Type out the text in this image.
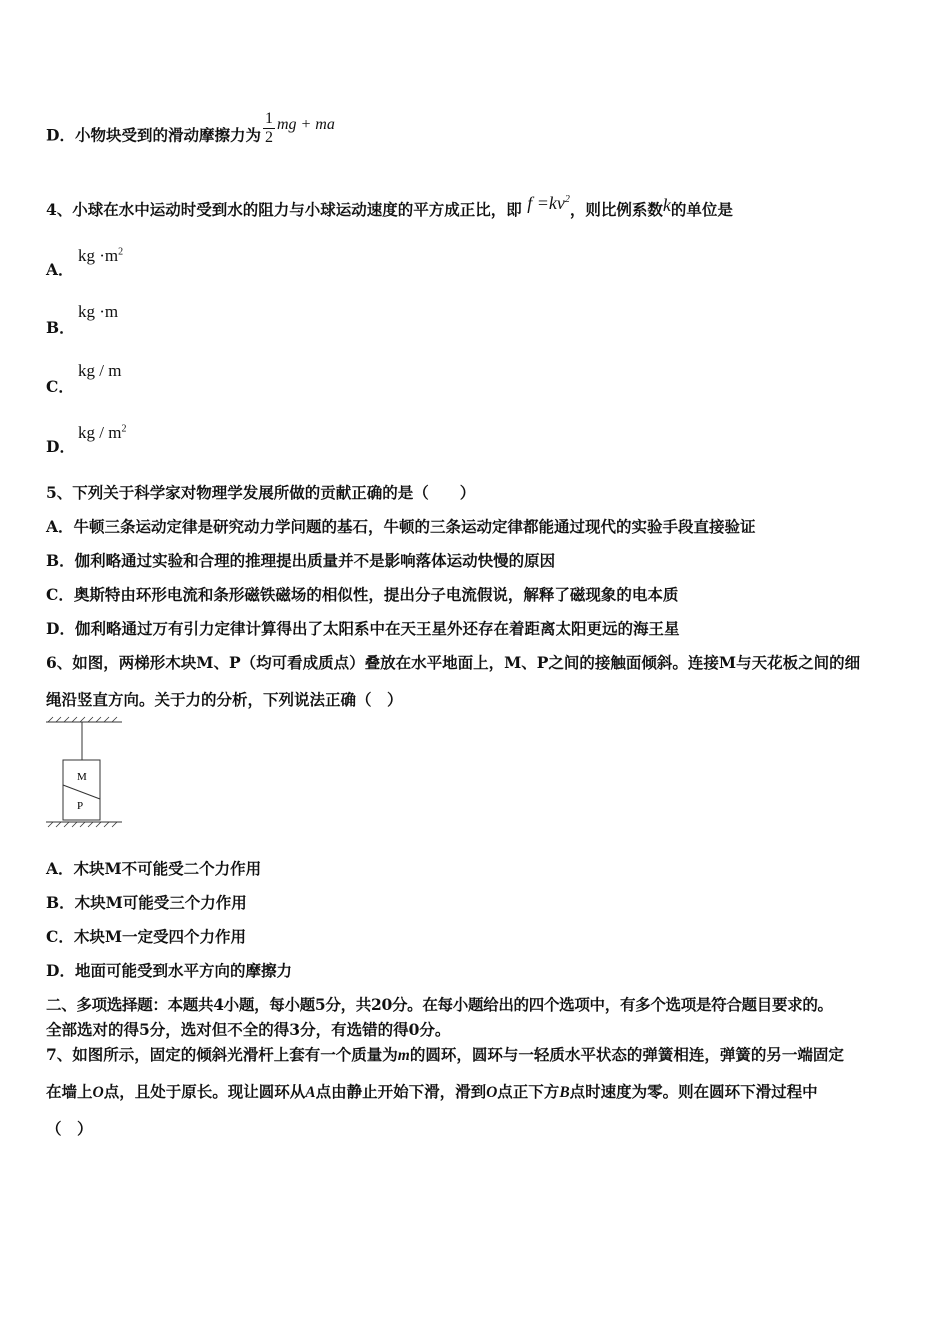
D．小物块受到的滑动摩擦力为 $\frac{1}{2}$ mg + ma
4、小球在水中运动时受到水的阻力与小球运动速度的平方成正比，即 $f =kv^2$，则比例系数k的单位是
A．
kg $\cdot m^2$
B．
kg ·m
C．
kg / m
D．
kg / $m^2$
5、下列关于科学家对物理学发展所做的贡献正确的是（　　）
A．牛顿三条运动定律是研究动力学问题的基石，牛顿的三条运动定律都能通过现代的实验手段直接验证
B．伽利略通过实验和合理的推理提出质量并不是影响落体运动快慢的原因
C．奥斯特由环形电流和条形磁铁磁场的相似性，提出分子电流假说，解释了磁现象的电本质
D．伽利略通过万有引力定律计算得出了太阳系中在天王星外还存在着距离太阳更远的海王星
6、如图，两梯形木块M、P（均可看成质点）叠放在水平地面上，M、P之间的接触面倾斜。连接M与天花板之间的细
绳沿竖直方向。关于力的分析，下列说法正确（　）
M
P
A．木块M不可能受二个力作用
B．木块M可能受三个力作用
C．木块M一定受四个力作用
D．地面可能受到水平方向的摩擦力
二、多项选择题：本题共4小题，每小题5分，共20分。在每小题给出的四个选项中，有多个选项是符合题目要求的。
全部选对的得5分，选对但不全的得3分，有选错的得0分。
7、如图所示，固定的倾斜光滑杆上套有一个质量为m的圆环，圆环与一轻质水平状态的弹簧相连，弹簧的另一端固定
在墙上O点，且处于原长。现让圆环从A点由静止开始下滑，滑到O点正下方B点时速度为零。则在圆环下滑过程中
（　）
